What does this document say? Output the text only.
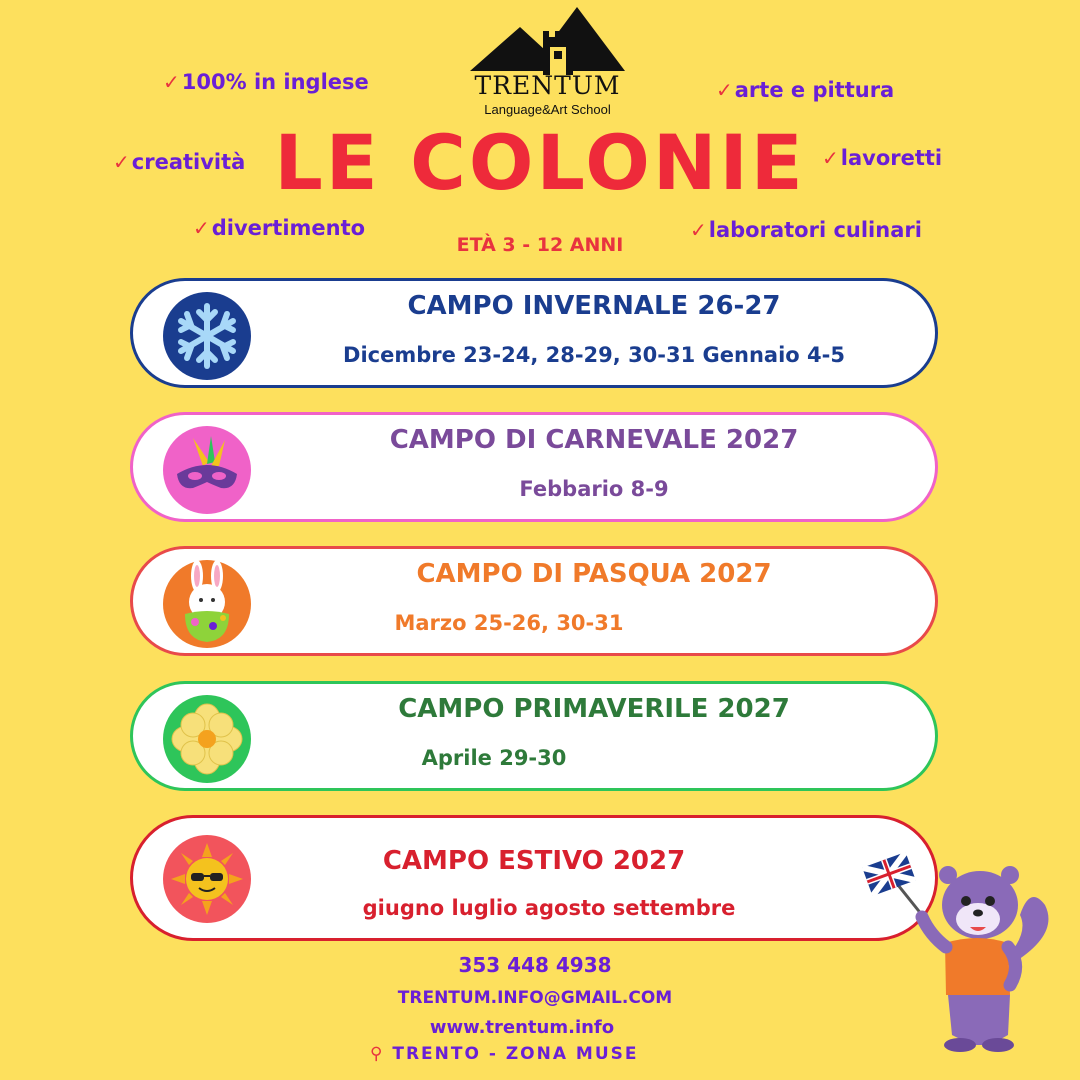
TRENTUM
Language&Art School
✓100% in inglese
✓creatività
✓divertimento
✓arte e pittura
✓lavoretti
✓laboratori culinari
LE COLONIE
ETÀ 3 - 12 ANNI
CAMPO INVERNALE 26-27
Dicembre 23-24, 28-29, 30-31 Gennaio 4-5
CAMPO DI CARNEVALE 2027
Febbario 8-9
CAMPO DI PASQUA 2027
Marzo 25-26, 30-31
CAMPO PRIMAVERILE 2027
Aprile 29-30
CAMPO ESTIVO 2027
giugno luglio agosto settembre
353 448 4938
TRENTUM.INFO@GMAIL.COM
www.trentum.info
⚲ TRENTO - ZONA MUSE
